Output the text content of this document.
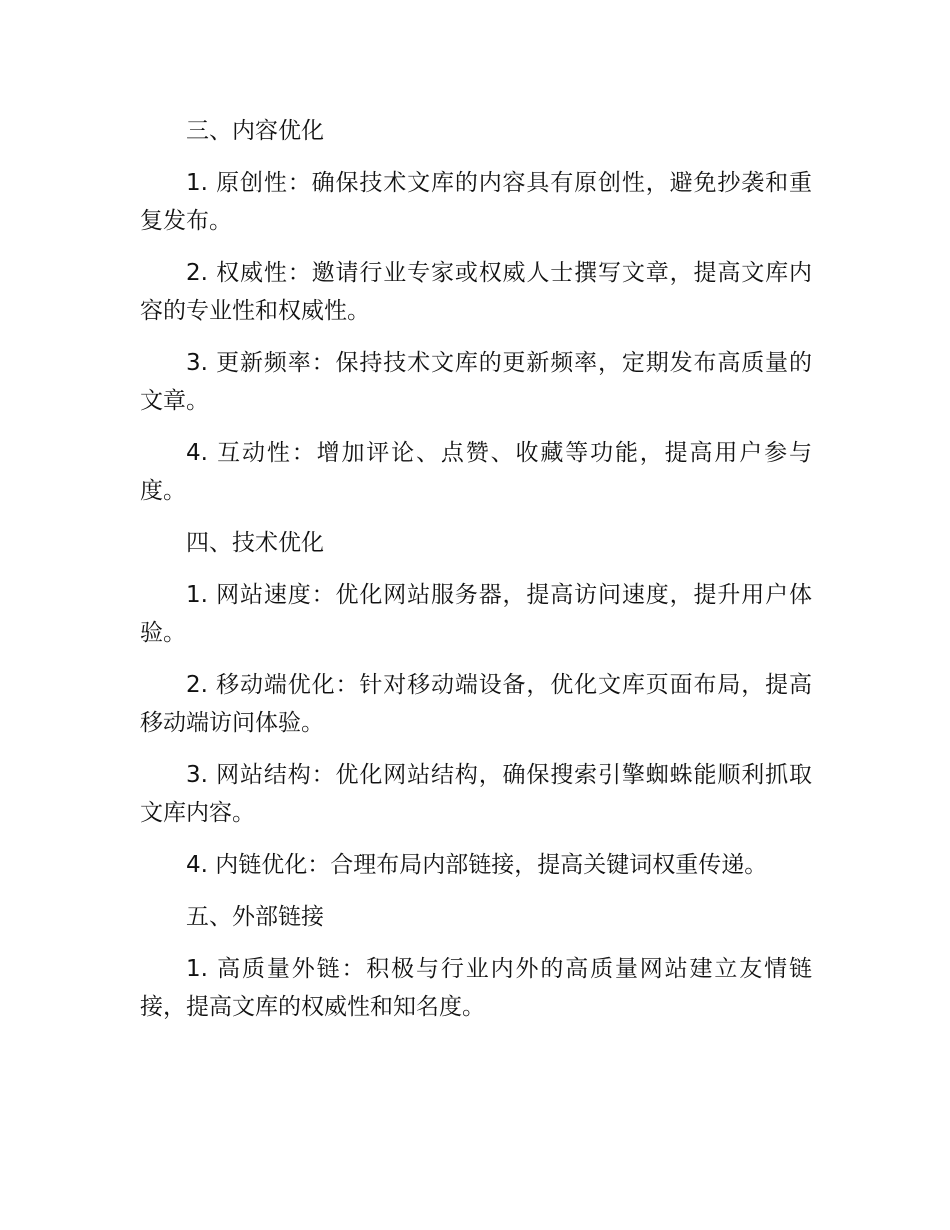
三、内容优化

1. 原创性：确保技术文库的内容具有原创性，避免抄袭和重复发布。

2. 权威性：邀请行业专家或权威人士撰写文章，提高文库内容的专业性和权威性。

3. 更新频率：保持技术文库的更新频率，定期发布高质量的文章。

4. 互动性：增加评论、点赞、收藏等功能，提高用户参与度。

四、技术优化

1. 网站速度：优化网站服务器，提高访问速度，提升用户体验。

2. 移动端优化：针对移动端设备，优化文库页面布局，提高移动端访问体验。

3. 网站结构：优化网站结构，确保搜索引擎蜘蛛能顺利抓取文库内容。

4. 内链优化：合理布局内部链接，提高关键词权重传递。

五、外部链接

1. 高质量外链：积极与行业内外的高质量网站建立友情链接，提高文库的权威性和知名度。
